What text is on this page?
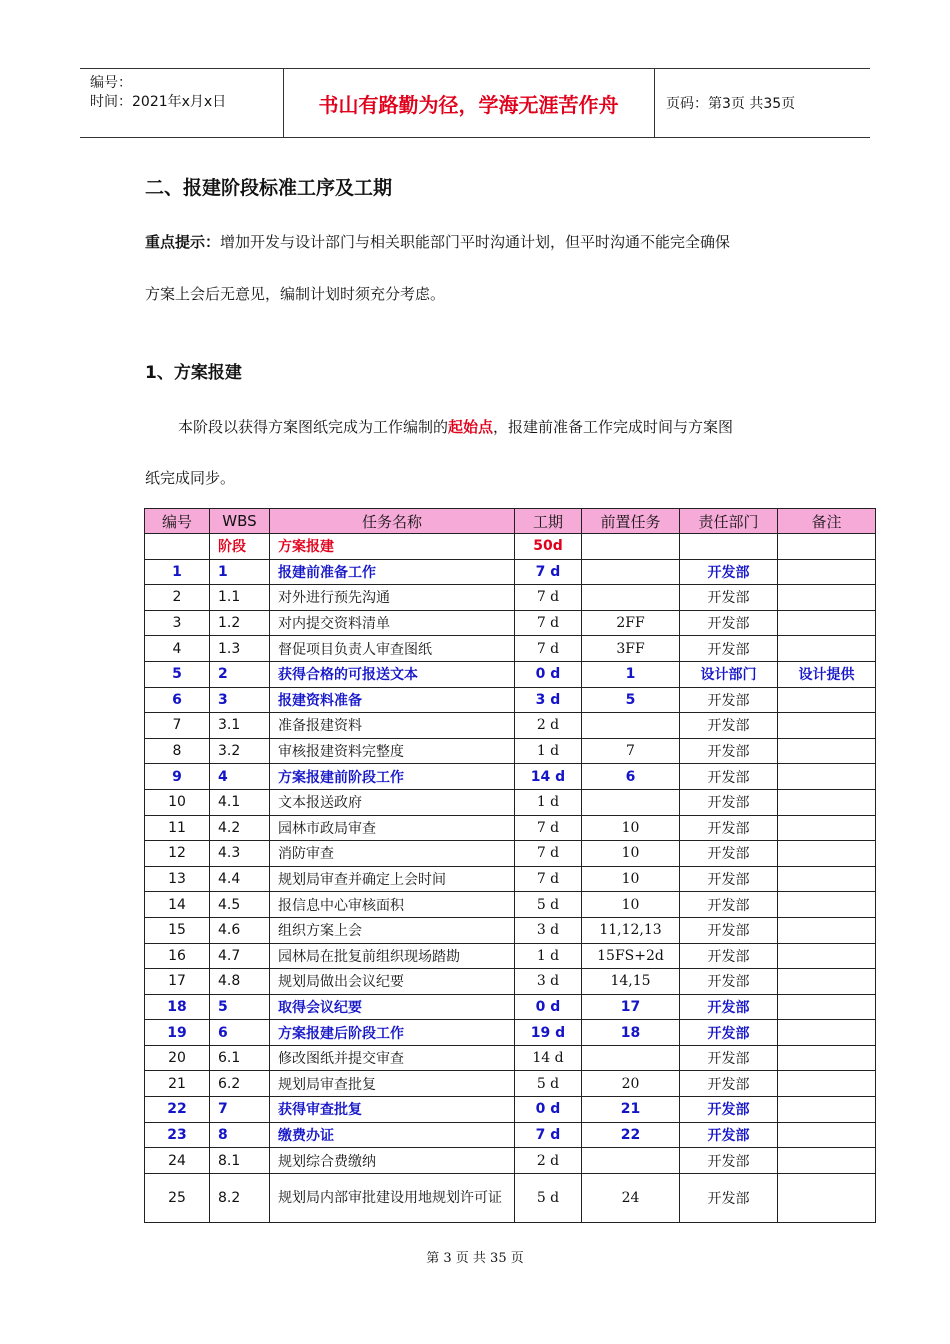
编号：
时间：2021年x月x日	书山有路勤为径，学海无涯苦作舟	页码：第3页 共35页
二、报建阶段标准工序及工期
重点提示：增加开发与设计部门与相关职能部门平时沟通计划，但平时沟通不能完全确保
方案上会后无意见，编制计划时须充分考虑。
1、方案报建
本阶段以获得方案图纸完成为工作编制的起始点，报建前准备工作完成时间与方案图
纸完成同步。
编号	WBS	任务名称	工期	前置任务	责任部门	备注
	阶段	方案报建	50d			
1	1	报建前准备工作	7 d		开发部	
2	1.1	对外进行预先沟通	7 d		开发部	
3	1.2	对内提交资料清单	7 d	2FF	开发部	
4	1.3	督促项目负责人审查图纸	7 d	3FF	开发部	
5	2	获得合格的可报送文本	0 d	1	设计部门	设计提供
6	3	报建资料准备	3 d	5	开发部	
7	3.1	准备报建资料	2 d		开发部	
8	3.2	审核报建资料完整度	1 d	7	开发部	
9	4	方案报建前阶段工作	14 d	6	开发部	
10	4.1	文本报送政府	1 d		开发部	
11	4.2	园林市政局审查	7 d	10	开发部	
12	4.3	消防审查	7 d	10	开发部	
13	4.4	规划局审查并确定上会时间	7 d	10	开发部	
14	4.5	报信息中心审核面积	5 d	10	开发部	
15	4.6	组织方案上会	3 d	11,12,13	开发部	
16	4.7	园林局在批复前组织现场踏勘	1 d	15FS+2d	开发部	
17	4.8	规划局做出会议纪要	3 d	14,15	开发部	
18	5	取得会议纪要	0 d	17	开发部	
19	6	方案报建后阶段工作	19 d	18	开发部	
20	6.1	修改图纸并提交审查	14 d		开发部	
21	6.2	规划局审查批复	5 d	20	开发部	
22	7	获得审查批复	0 d	21	开发部	
23	8	缴费办证	7 d	22	开发部	
24	8.1	规划综合费缴纳	2 d		开发部	
25	8.2	规划局内部审批建设用地规划许可证	5 d	24	开发部	
第 3 页 共 35 页
